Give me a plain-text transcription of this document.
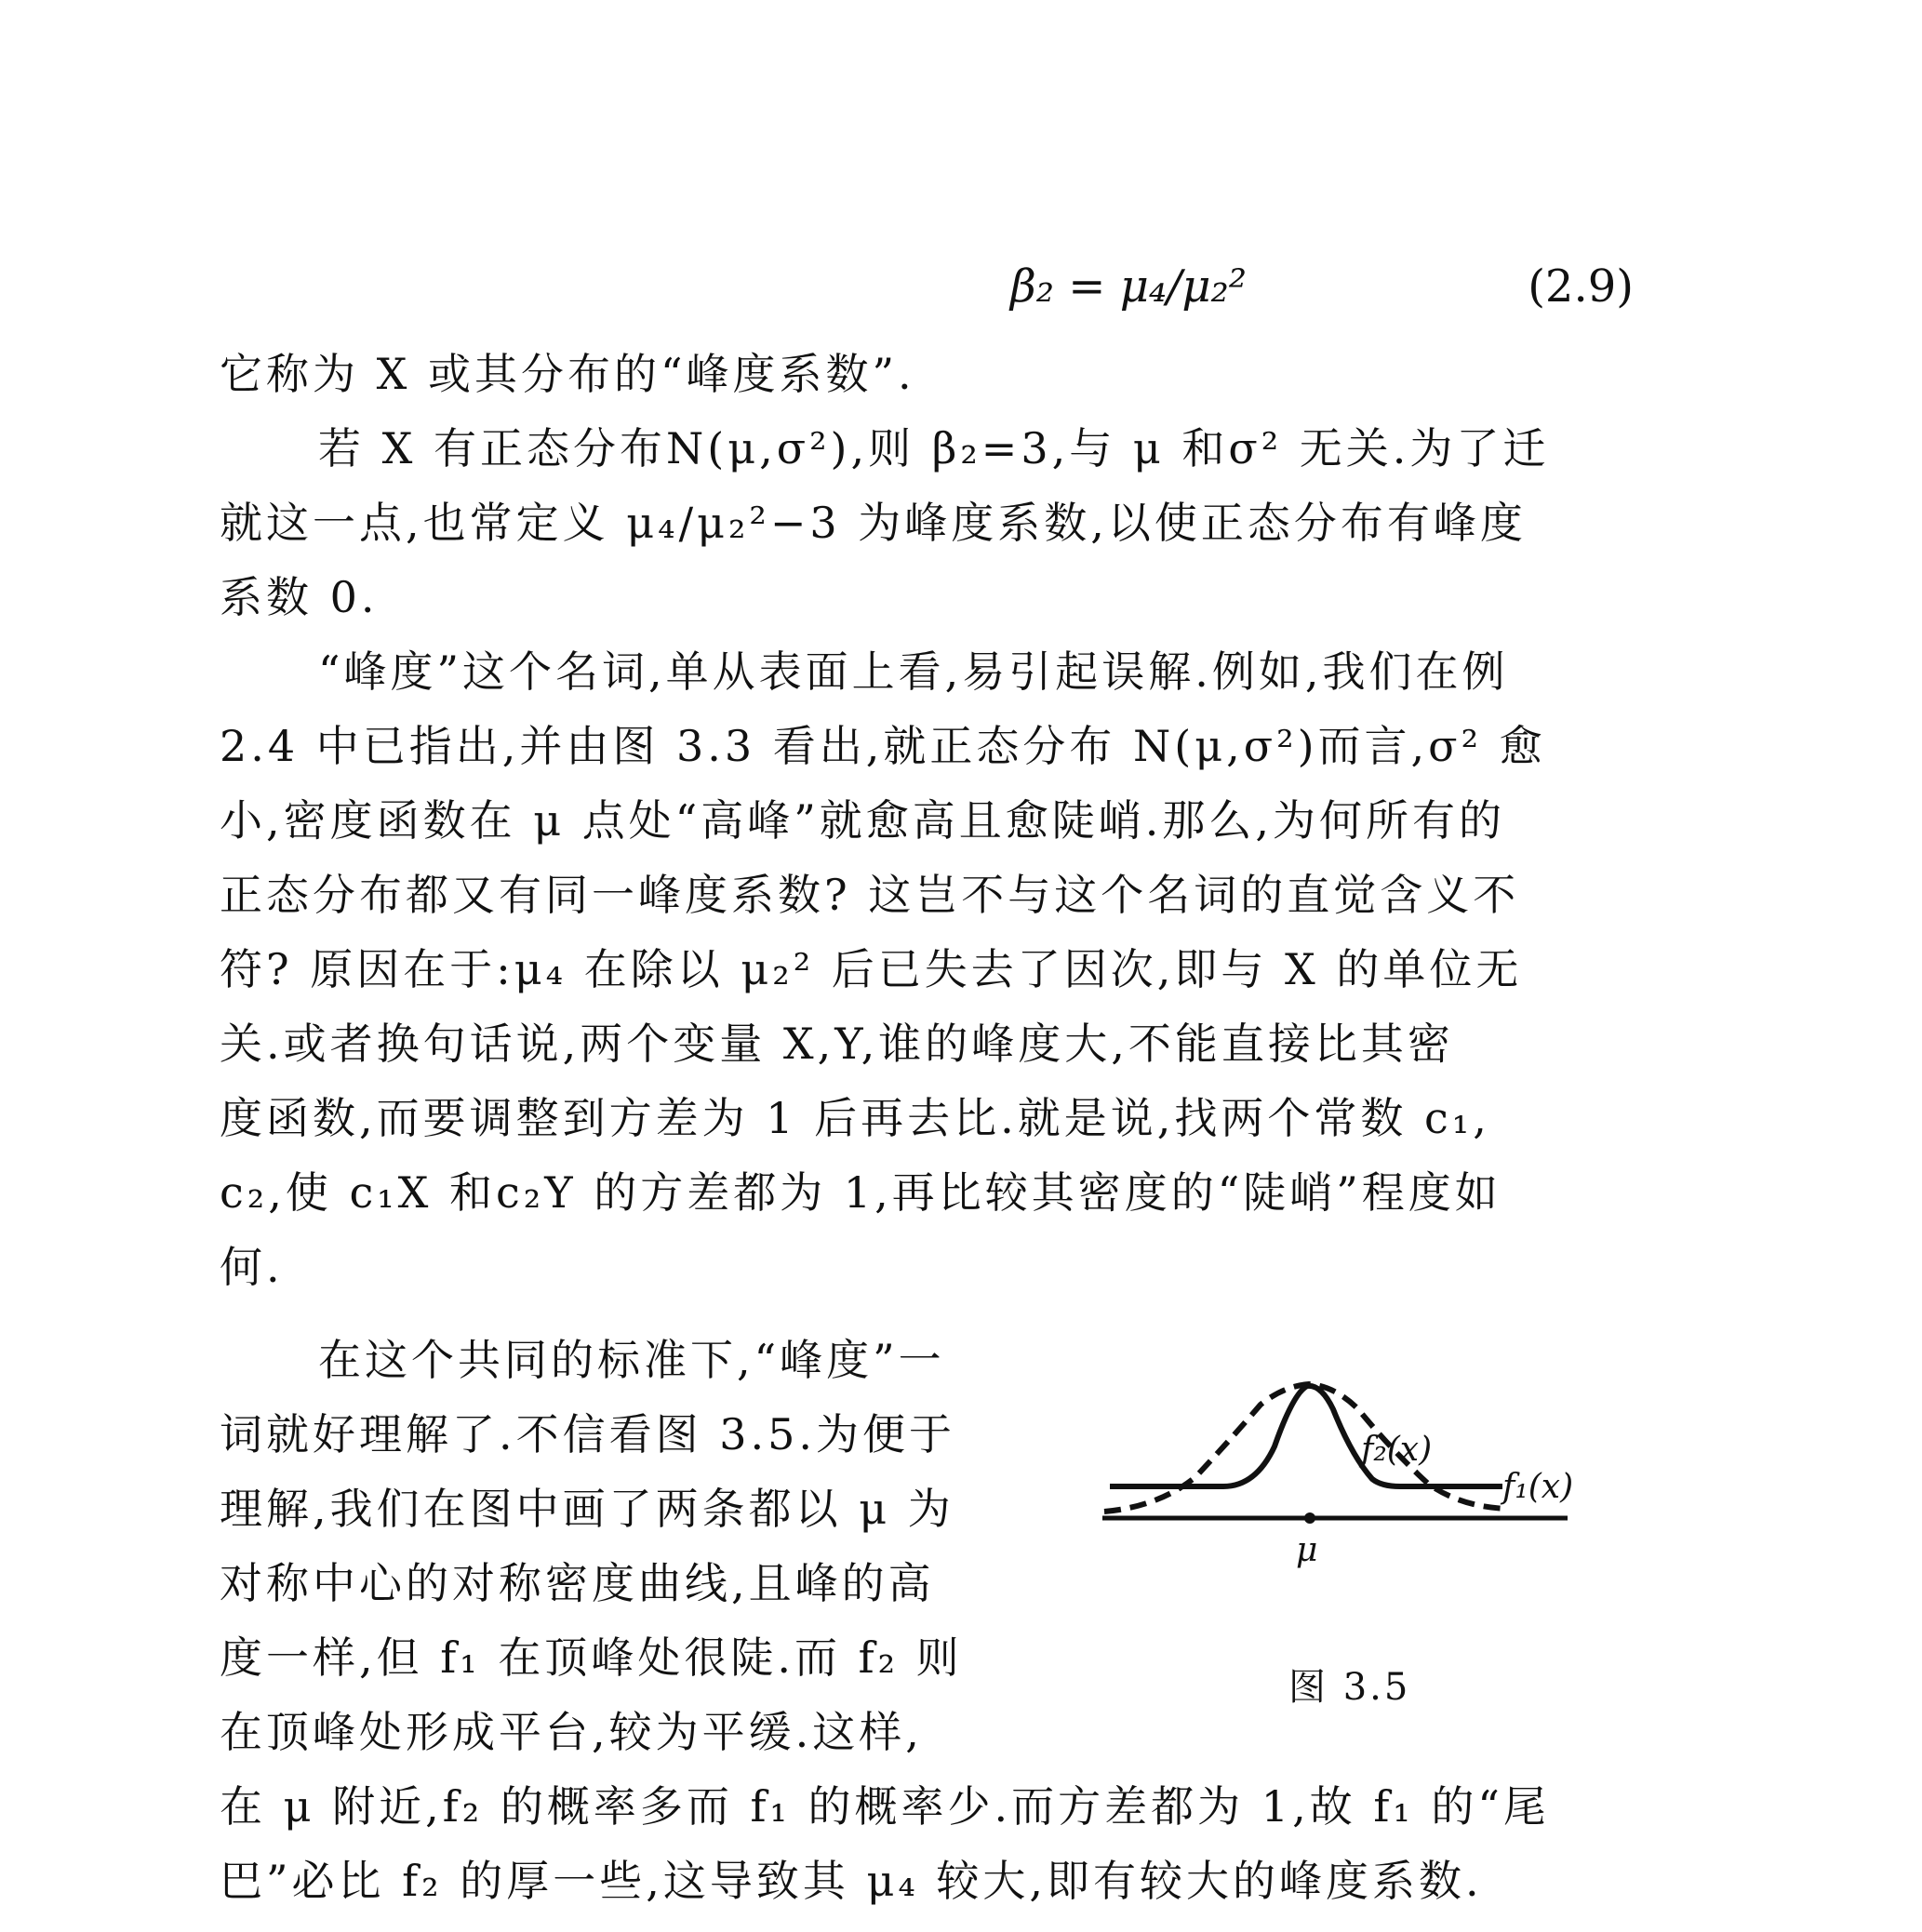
β₂ = μ₄/μ₂²	(2.9)
它称为 X 或其分布的“峰度系数”.
若 X 有正态分布N(μ,σ²),则 β₂=3,与 μ 和σ² 无关.为了迁
就这一点,也常定义 μ₄/μ₂²−3 为峰度系数,以使正态分布有峰度
系数 0.
“峰度”这个名词,单从表面上看,易引起误解.例如,我们在例
2.4 中已指出,并由图 3.3 看出,就正态分布 N(μ,σ²)而言,σ² 愈
小,密度函数在 μ 点处“高峰”就愈高且愈陡峭.那么,为何所有的
正态分布都又有同一峰度系数? 这岂不与这个名词的直觉含义不
符? 原因在于:μ₄ 在除以 μ₂² 后已失去了因次,即与 X 的单位无
关.或者换句话说,两个变量 X,Y,谁的峰度大,不能直接比其密
度函数,而要调整到方差为 1 后再去比.就是说,找两个常数 c₁,
c₂,使 c₁X 和c₂Y 的方差都为 1,再比较其密度的“陡峭”程度如
何.
在这个共同的标准下,“峰度”一
词就好理解了.不信看图 3.5.为便于
理解,我们在图中画了两条都以 μ 为
对称中心的对称密度曲线,且峰的高
度一样,但 f₁ 在顶峰处很陡.而 f₂ 则
在顶峰处形成平台,较为平缓.这样,
在 μ 附近,f₂ 的概率多而 f₁ 的概率少.而方差都为 1,故 f₁ 的“尾
巴”必比 f₂ 的厚一些,这导致其 μ₄ 较大,即有较大的峰度系数.
f₂(x)
f₁(x)
μ
图 3.5
